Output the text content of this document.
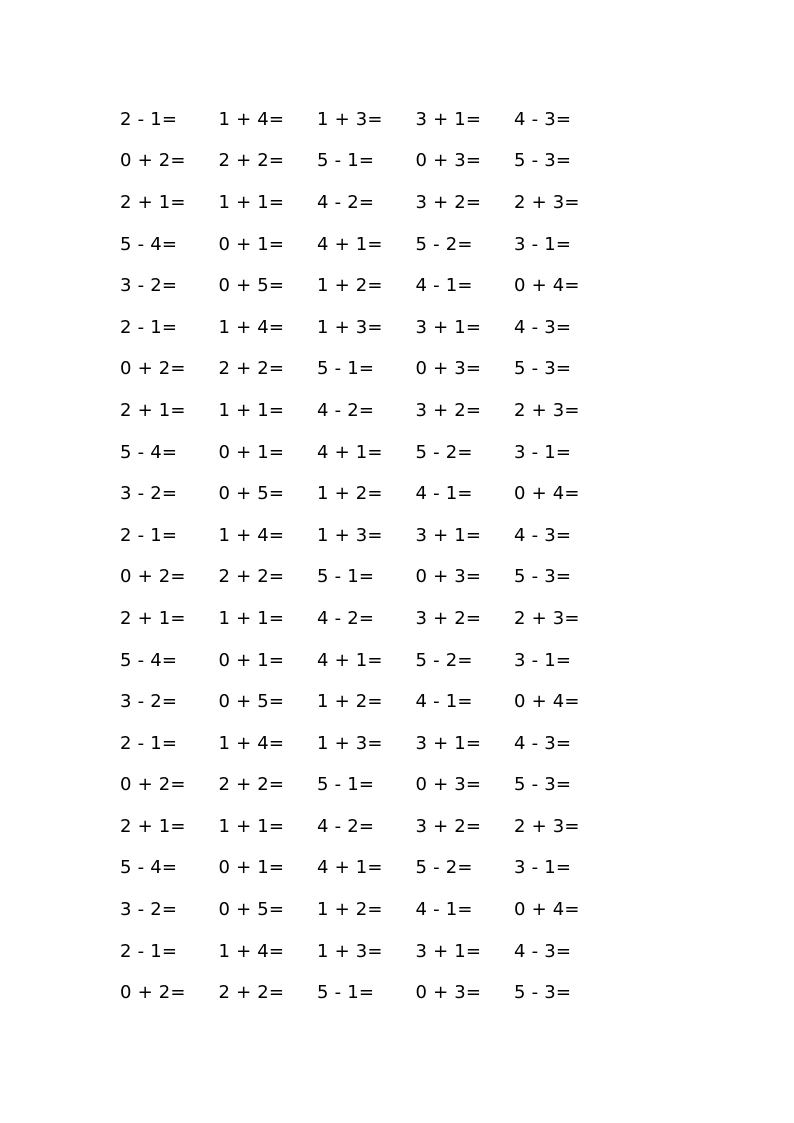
2 - 1=	1 + 4=	1 + 3=	3 + 1=	4 - 3=
0 + 2=	2 + 2=	5 - 1=	0 + 3=	5 - 3=
2 + 1=	1 + 1=	4 - 2=	3 + 2=	2 + 3=
5 - 4=	0 + 1=	4 + 1=	5 - 2=	3 - 1=
3 - 2=	0 + 5=	1 + 2=	4 - 1=	0 + 4=
2 - 1=	1 + 4=	1 + 3=	3 + 1=	4 - 3=
0 + 2=	2 + 2=	5 - 1=	0 + 3=	5 - 3=
2 + 1=	1 + 1=	4 - 2=	3 + 2=	2 + 3=
5 - 4=	0 + 1=	4 + 1=	5 - 2=	3 - 1=
3 - 2=	0 + 5=	1 + 2=	4 - 1=	0 + 4=
2 - 1=	1 + 4=	1 + 3=	3 + 1=	4 - 3=
0 + 2=	2 + 2=	5 - 1=	0 + 3=	5 - 3=
2 + 1=	1 + 1=	4 - 2=	3 + 2=	2 + 3=
5 - 4=	0 + 1=	4 + 1=	5 - 2=	3 - 1=
3 - 2=	0 + 5=	1 + 2=	4 - 1=	0 + 4=
2 - 1=	1 + 4=	1 + 3=	3 + 1=	4 - 3=
0 + 2=	2 + 2=	5 - 1=	0 + 3=	5 - 3=
2 + 1=	1 + 1=	4 - 2=	3 + 2=	2 + 3=
5 - 4=	0 + 1=	4 + 1=	5 - 2=	3 - 1=
3 - 2=	0 + 5=	1 + 2=	4 - 1=	0 + 4=
2 - 1=	1 + 4=	1 + 3=	3 + 1=	4 - 3=
0 + 2=	2 + 2=	5 - 1=	0 + 3=	5 - 3=
